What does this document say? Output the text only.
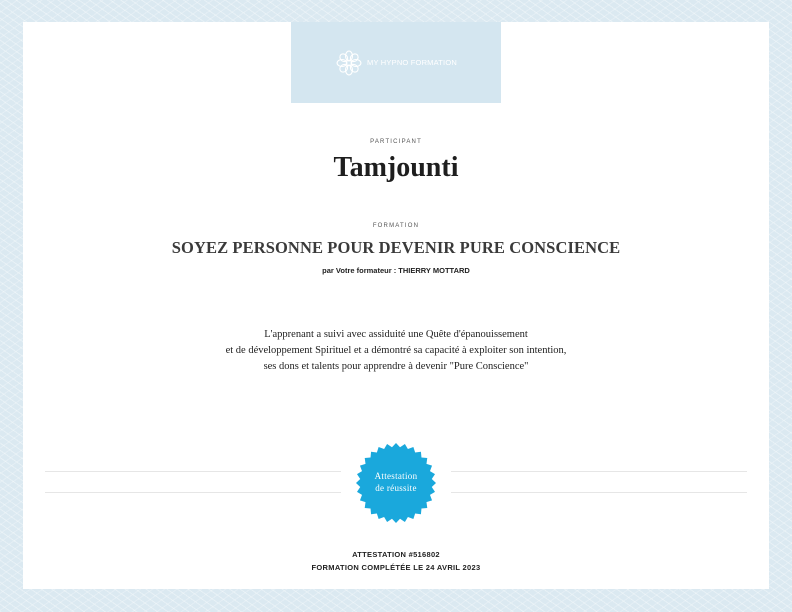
MY HYPNO FORMATION
PARTICIPANT
Tamjounti
FORMATION
SOYEZ PERSONNE POUR DEVENIR PURE CONSCIENCE
par Votre formateur : THIERRY MOTTARD
L'apprenant a suivi avec assiduité une Quête d'épanouissement
et de développement Spirituel et a démontré sa capacité à exploiter son intention,
ses dons et talents pour apprendre à devenir "Pure Conscience"
Attestation
de réussite
ATTESTATION #516802
FORMATION COMPLÉTÉE LE 24 AVRIL 2023
